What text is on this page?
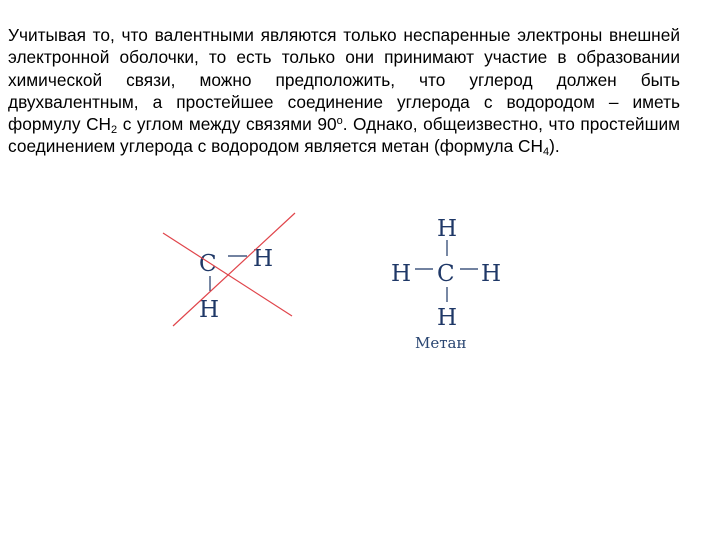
Учитывая то, что валентными являются только неспаренные электроны внешней электронной оболочки, то есть только они принимают участие в образовании химической связи, можно предположить, что углерод должен быть двухвалентным, а простейшее соединение углерода с водородом – иметь формулу $CH_2$ с углом между связями 90$^o$. Однако, общеизвестно, что простейшим соединением углерода с водородом является метан (формула $CH_4$).

C H
H
H
H C H
H
Метан
